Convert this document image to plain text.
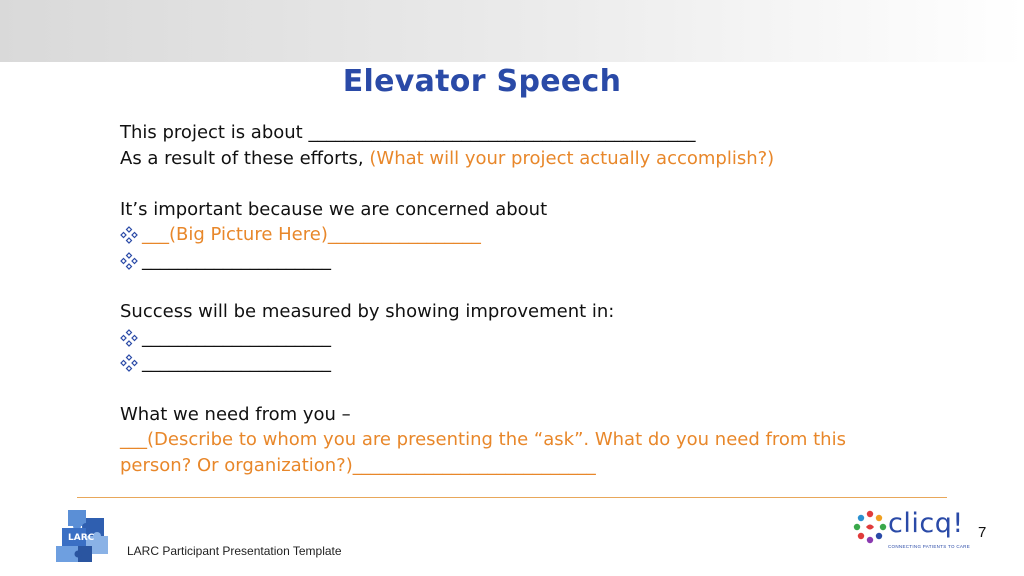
Elevator Speech
This project is about ___________________________________________
As a result of these efforts, (What will your project actually accomplish?)
It’s important because we are concerned about
___(Big Picture Here)_________________
_____________________
Success will be measured by showing improvement in:
_____________________
_____________________
What we need from you –
___(Describe to whom you are presenting the “ask”. What do you need from this person? Or organization?)___________________________
LARC
LARC Participant Presentation Template
clicq!
CONNECTING PATIENTS TO CARE
7
